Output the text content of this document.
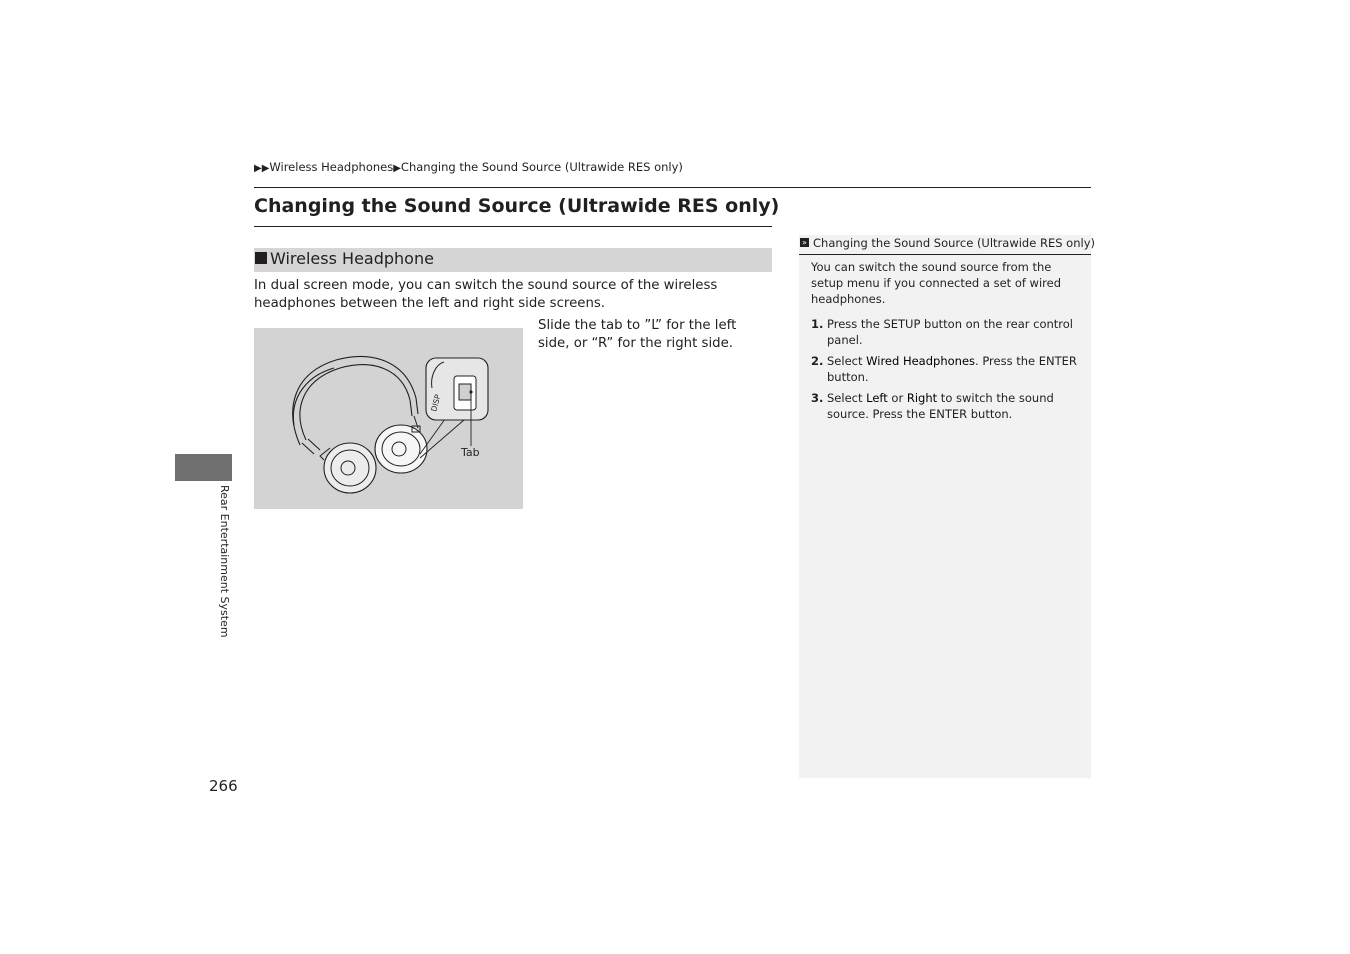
▶▶Wireless Headphones▶Changing the Sound Source (Ultrawide RES only)
Changing the Sound Source (Ultrawide RES only)
Wireless Headphone
In dual screen mode, you can switch the sound source of the wireless headphones between the left and right side screens.
DISP
Tab
Slide the tab to ”L” for the left side, or “R” for the right side.
» Changing the Sound Source (Ultrawide RES only)
You can switch the sound source from the setup menu if you connected a set of wired headphones.
1. Press the SETUP button on the rear control panel.
2. Select Wired Headphones. Press the ENTER button.
3. Select Left or Right to switch the sound source. Press the ENTER button.
Rear Entertainment System
266
